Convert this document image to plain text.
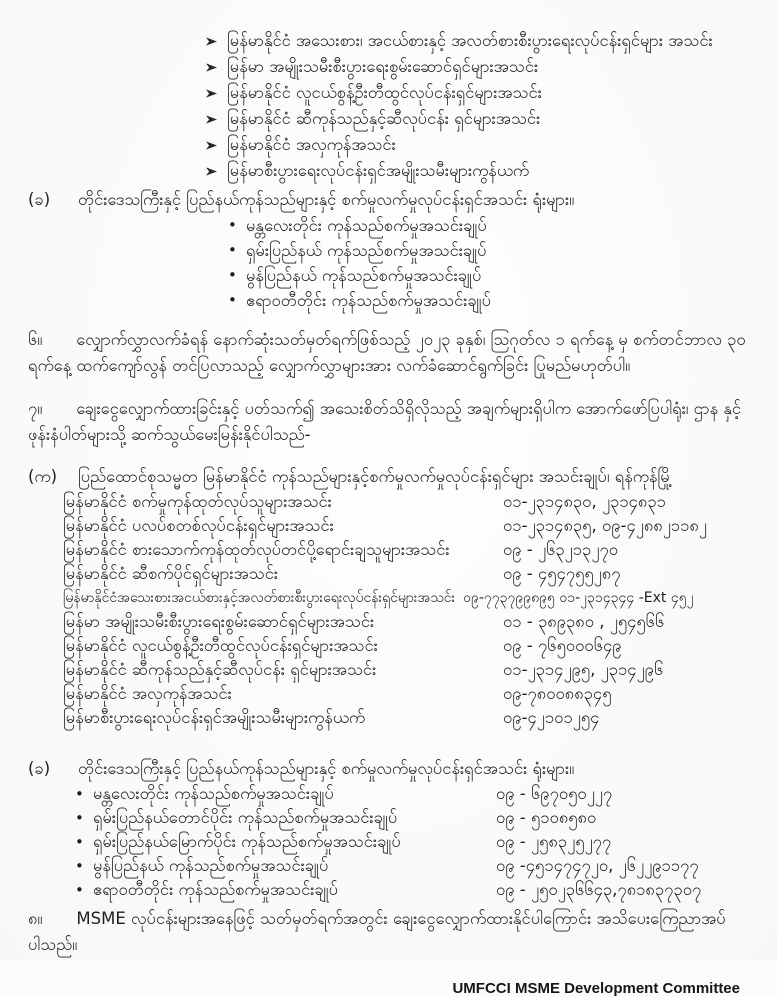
မြန်မာနိုင်ငံ အသေးစား၊ အငယ်စားနှင့် အလတ်စားစီးပွားရေးလုပ်ငန်းရှင်များ အသင်း
မြန်မာ အမျိုးသမီးစီးပွားရေးစွမ်းဆောင်ရှင်များအသင်း
မြန်မာနိုင်ငံ လူငယ်စွန့်ဦးတီထွင်လုပ်ငန်းရှင်များအသင်း
မြန်မာနိုင်ငံ ဆီကုန်သည်နှင့်ဆီလုပ်ငန်း ရှင်များအသင်း
မြန်မာနိုင်ငံ အလှကုန်အသင်း
မြန်မာစီးပွားရေးလုပ်ငန်းရှင်အမျိုးသမီးများကွန်ယက်
(ခ)	တိုင်းဒေသကြီးနှင့် ပြည်နယ်ကုန်သည်များနှင့် စက်မှုလက်မှုလုပ်ငန်းရှင်အသင်း ရုံးများ။
• မန္တလေးတိုင်း ကုန်သည်စက်မှုအသင်းချုပ်
• ရှမ်းပြည်နယ် ကုန်သည်စက်မှုအသင်းချုပ်
• မွန်ပြည်နယ် ကုန်သည်စက်မှုအသင်းချုပ်
• ဧရာဝတီတိုင်း ကုန်သည်စက်မှုအသင်းချုပ်

၆။ လျှောက်လွှာလက်ခံရန် နောက်ဆုံးသတ်မှတ်ရက်ဖြစ်သည့် ၂၀၂၃ ခုနှစ်၊ ဩဂုတ်လ ၁ ရက်နေ့ မှ စက်တင်ဘာလ ၃၀ ရက်နေ့ ထက်ကျော်လွန် တင်ပြလာသည့် လျှောက်လွှာများအား လက်ခံဆောင်ရွက်ခြင်း ပြုမည်မဟုတ်ပါ။

၇။ ချေးငွေလျှောက်ထားခြင်းနှင့် ပတ်သက်၍ အသေးစိတ်သိရှိလိုသည့် အချက်များရှိပါက အောက်ဖော်ပြပါရုံး၊ ဌာန နှင့်ဖုန်းနံပါတ်များသို့ ဆက်သွယ်မေးမြန်းနိုင်ပါသည်-

(က)	ပြည်ထောင်စုသမ္မတ မြန်မာနိုင်ငံ ကုန်သည်များနှင့်စက်မှုလက်မှုလုပ်ငန်းရှင်များ အသင်းချုပ်၊ ရန်ကုန်မြို့
မြန်မာနိုင်ငံ စက်မှုကုန်ထုတ်လုပ်သူများအသင်း	၀၁-၂၃၁၄၈၃၀, ၂၃၁၄၈၃၁
မြန်မာနိုင်ငံ ပလပ်စတစ်လုပ်ငန်းရှင်များအသင်း	၀၁-၂၃၁၄၈၃၅, ၀၉-၄၂၈၈၂၁၁၈၂
မြန်မာနိုင်ငံ စားသောက်ကုန်ထုတ်လုပ်တင်ပို့ရောင်းချသူများအသင်း	၀၉ - ၂၆၃၂၁၃၂၇၀
မြန်မာနိုင်ငံ ဆီစက်ပိုင်ရှင်များအသင်း	၀၉ - ၄၅၄၇၅၅၂၈၇
မြန်မာနိုင်ငံအသေးစားအငယ်စားနှင့်အလတ်စားစီးပွားရေးလုပ်ငန်းရှင်များအသင်း ၀၉-၇၇၃၇၉၉၈၉၅ ၀၁-၂၃၁၄၃၄၄ -Ext ၄၅၂
မြန်မာ အမျိုးသမီးစီးပွားရေးစွမ်းဆောင်ရှင်များအသင်း	၀၁ - ၃၈၉၃၈၀ , ၂၅၄၅၆၆
မြန်မာနိုင်ငံ လူငယ်စွန့်ဦးတီထွင်လုပ်ငန်းရှင်များအသင်း	၀၉ - ၇၆၅၀၀၀၆၄၉
မြန်မာနိုင်ငံ ဆီကုန်သည်နှင့်ဆီလုပ်ငန်း ရှင်များအသင်း	၀၁-၂၃၁၄၂၉၅, ၂၃၁၄၂၉၆
မြန်မာနိုင်ငံ အလှကုန်အသင်း	၀၉-၇၈၀၀၈၈၃၄၅
မြန်မာစီးပွားရေးလုပ်ငန်းရှင်အမျိုးသမီးများကွန်ယက်	၀၉-၄၂၁၀၁၂၅၄
(ခ)	တိုင်းဒေသကြီးနှင့် ပြည်နယ်ကုန်သည်များနှင့် စက်မှုလက်မှုလုပ်ငန်းရှင်အသင်း ရုံးများ။
• မန္တလေးတိုင်း ကုန်သည်စက်မှုအသင်းချုပ်	၀၉ - ၆၉၇၀၅၀၂၂၇
• ရှမ်းပြည်နယ်တောင်ပိုင်း ကုန်သည်စက်မှုအသင်းချုပ်	၀၉ - ၅၁၀၈၅၈၀
• ရှမ်းပြည်နယ်မြောက်ပိုင်း ကုန်သည်စက်မှုအသင်းချုပ်	၀၉ - ၂၅၈၃၂၅၂၇၇
• မွန်ပြည်နယ် ကုန်သည်စက်မှုအသင်းချုပ်	၀၉ -၄၅၁၄၇၄၇၂၀, ၂၆၂၂၉၁၁၇၇
• ဧရာဝတီတိုင်း ကုန်သည်စက်မှုအသင်းချုပ်	၀၉ - ၂၅၀၂၃၆၆၄၃,၇၈၁၈၃၇၃၀၇

၈။ MSME လုပ်ငန်းများအနေဖြင့် သတ်မှတ်ရက်အတွင်း ချေးငွေလျှောက်ထားနိုင်ပါကြောင်း အသိပေးကြေညာအပ်ပါသည်။

UMFCCI MSME Development Committee
